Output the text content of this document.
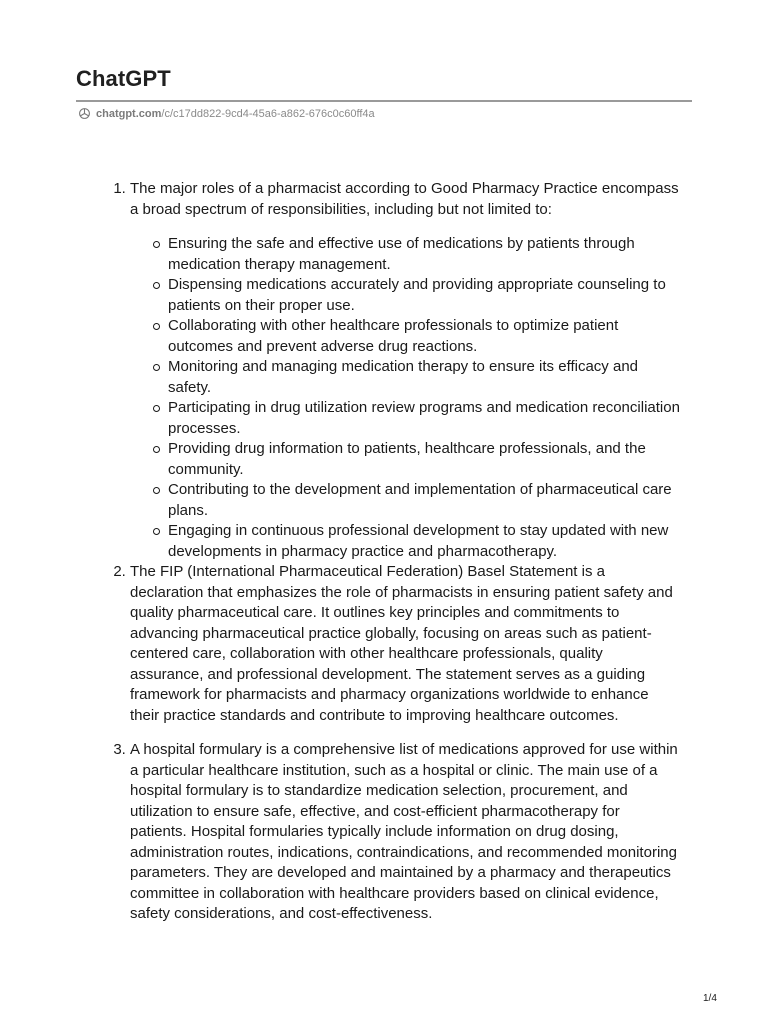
ChatGPT
chatgpt.com /c/c17dd822-9cd4-45a6-a862-676c0c60ff4a
1. The major roles of a pharmacist according to Good Pharmacy Practice encompass a broad spectrum of responsibilities, including but not limited to:
Ensuring the safe and effective use of medications by patients through medication therapy management.
Dispensing medications accurately and providing appropriate counseling to patients on their proper use.
Collaborating with other healthcare professionals to optimize patient outcomes and prevent adverse drug reactions.
Monitoring and managing medication therapy to ensure its efficacy and safety.
Participating in drug utilization review programs and medication reconciliation processes.
Providing drug information to patients, healthcare professionals, and the community.
Contributing to the development and implementation of pharmaceutical care plans.
Engaging in continuous professional development to stay updated with new developments in pharmacy practice and pharmacotherapy.
2. The FIP (International Pharmaceutical Federation) Basel Statement is a declaration that emphasizes the role of pharmacists in ensuring patient safety and quality pharmaceutical care. It outlines key principles and commitments to advancing pharmaceutical practice globally, focusing on areas such as patient-centered care, collaboration with other healthcare professionals, quality assurance, and professional development. The statement serves as a guiding framework for pharmacists and pharmacy organizations worldwide to enhance their practice standards and contribute to improving healthcare outcomes.
3. A hospital formulary is a comprehensive list of medications approved for use within a particular healthcare institution, such as a hospital or clinic. The main use of a hospital formulary is to standardize medication selection, procurement, and utilization to ensure safe, effective, and cost-efficient pharmacotherapy for patients. Hospital formularies typically include information on drug dosing, administration routes, indications, contraindications, and recommended monitoring parameters. They are developed and maintained by a pharmacy and therapeutics committee in collaboration with healthcare providers based on clinical evidence, safety considerations, and cost-effectiveness.
1/4
